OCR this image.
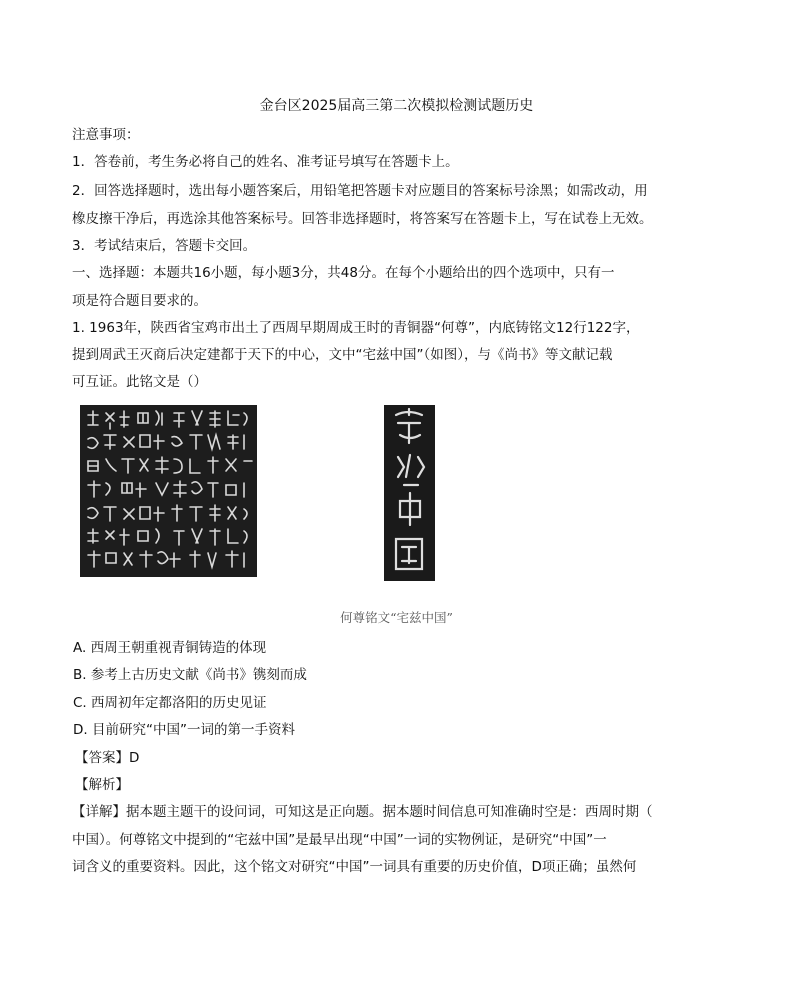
金台区2025届高三第二次模拟检测试题历史
注意事项：
1．答卷前，考生务必将自己的姓名、准考证号填写在答题卡上。
2．回答选择题时，选出每小题答案后，用铅笔把答题卡对应题目的答案标号涂黑；如需改动，用
橡皮擦干净后，再选涂其他答案标号。回答非选择题时，将答案写在答题卡上，写在试卷上无效。
3．考试结束后，答题卡交回。
一、选择题：本题共16小题，每小题3分，共48分。在每个小题给出的四个选项中，只有一
项是符合题目要求的。
1. 1963年，陕西省宝鸡市出土了西周早期周成王时的青铜器“何尊”，内底铸铭文12行122字，
提到周武王灭商后决定建都于天下的中心，文中“宅兹中国”（如图），与《尚书》等文献记载
可互证。此铭文是（）
何尊铭文“宅兹中国”
A. 西周王朝重视青铜铸造的体现
B. 参考上古历史文献《尚书》镌刻而成
C. 西周初年定都洛阳的历史见证
D. 目前研究“中国”一词的第一手资料
【答案】D
【解析】
【详解】据本题主题干的设问词，可知这是正向题。据本题时间信息可知准确时空是：西周时期（
中国）。何尊铭文中提到的“宅兹中国”是最早出现“中国”一词的实物例证，是研究“中国”一
词含义的重要资料。因此，这个铭文对研究“中国”一词具有重要的历史价值，D项正确；虽然何
